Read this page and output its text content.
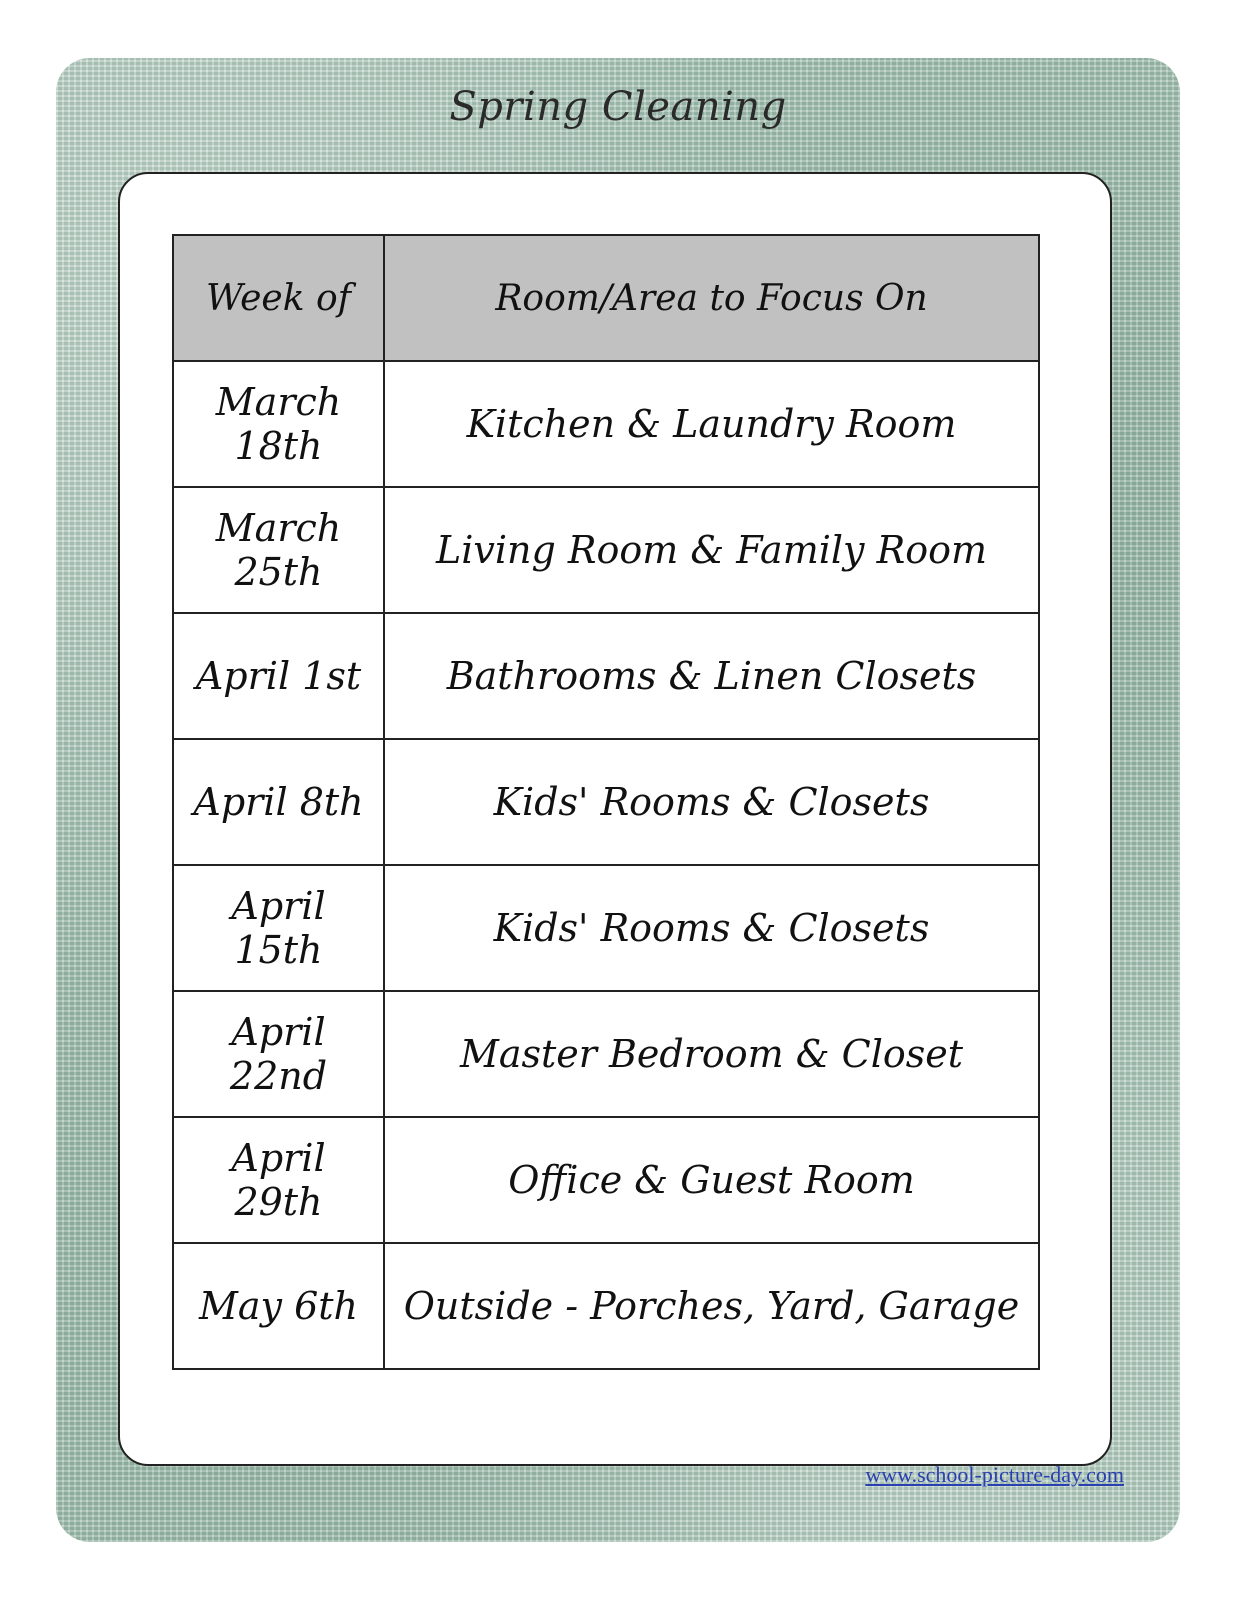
Spring Cleaning
Week of	Room/Area to Focus On
March 18th	Kitchen & Laundry Room
March 25th	Living Room & Family Room
April 1st	Bathrooms & Linen Closets
April 8th	Kids' Rooms & Closets
April 15th	Kids' Rooms & Closets
April 22nd	Master Bedroom & Closet
April 29th	Office & Guest Room
May 6th	Outside - Porches, Yard, Garage
www.school-picture-day.com
